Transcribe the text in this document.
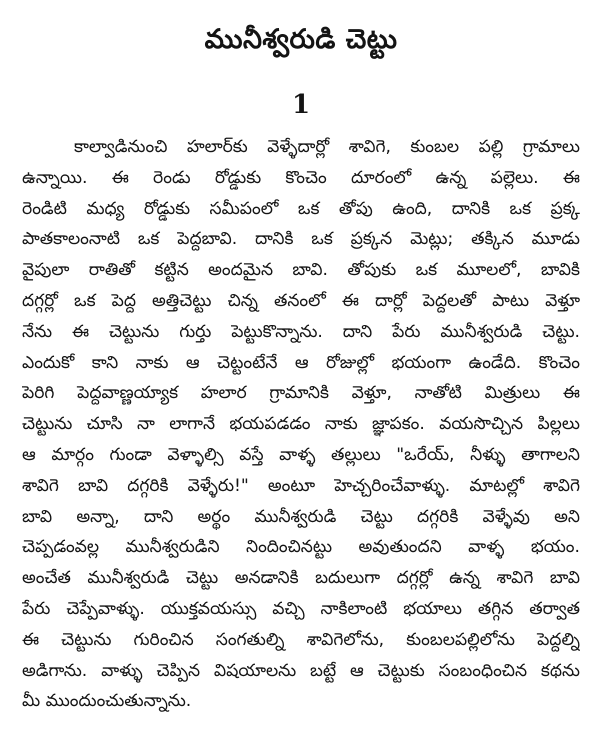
మునీశ్వరుడి చెట్టు
1
కాల్వాడినుంచి హలార్‌కు వెళ్ళేదార్లో శావిగె, కుంబల పల్లి గ్రామాలు
ఉన్నాయి. ఈ రెండు రోడ్డుకు కొంచెం దూరంలో ఉన్న పల్లెలు. ఈ
రెండిటి మధ్య రోడ్డుకు సమీపంలో ఒక తోపు ఉంది, దానికి ఒక ప్రక్క
పాతకాలంనాటి ఒక పెద్దబావి. దానికి ఒక ప్రక్కన మెట్లు; తక్కిన మూడు
వైపులా రాతితో కట్టిన అందమైన బావి. తోపుకు ఒక మూలలో, బావికి
దగ్గర్లో ఒక పెద్ద అత్తిచెట్టు చిన్న తనంలో ఈ దార్లో పెద్దలతో పాటు వెళ్తూ
నేను ఈ చెట్టును గుర్తు పెట్టుకొన్నాను. దాని పేరు మునీశ్వరుడి చెట్టు.
ఎందుకో కాని నాకు ఆ చెట్టంటేనే ఆ రోజుల్లో భయంగా ఉండేది. కొంచెం
పెరిగి పెద్దవాణ్ణయ్యాక హలార గ్రామానికి వెళ్తూ, నాతోటి మిత్రులు ఈ
చెట్టును చూసి నా లాగానే భయపడడం నాకు జ్ఞాపకం. వయసొచ్చిన పిల్లలు
ఆ మార్గం గుండా వెళ్ళాల్సి వస్తే వాళ్ళ తల్లులు "ఒరేయ్, నీళ్ళు తాగాలని
శావిగె బావి దగ్గరికి వెళ్ళేరు!" అంటూ హెచ్చరించేవాళ్ళు. మాటల్లో శావిగె
బావి అన్నా, దాని అర్థం మునీశ్వరుడి చెట్టు దగ్గరికి వెళ్ళేవు అని
చెప్పడంవల్ల మునీశ్వరుడిని నిందించినట్టు అవుతుందని వాళ్ళ భయం.
అంచేత మునీశ్వరుడి చెట్టు అనడానికి బదులుగా దగ్గర్లో ఉన్న శావిగె బావి
పేరు చెప్పేవాళ్ళు. యుక్తవయస్సు వచ్చి నాకిలాంటి భయాలు తగ్గిన తర్వాత
ఈ చెట్టును గురించిన సంగతుల్ని శావిగెలోను, కుంబలపల్లిలోను పెద్దల్ని
అడిగాను. వాళ్ళు చెప్పిన విషయాలను బట్టే ఆ చెట్టుకు సంబంధించిన కథను
మీ ముందుంచుతున్నాను.
